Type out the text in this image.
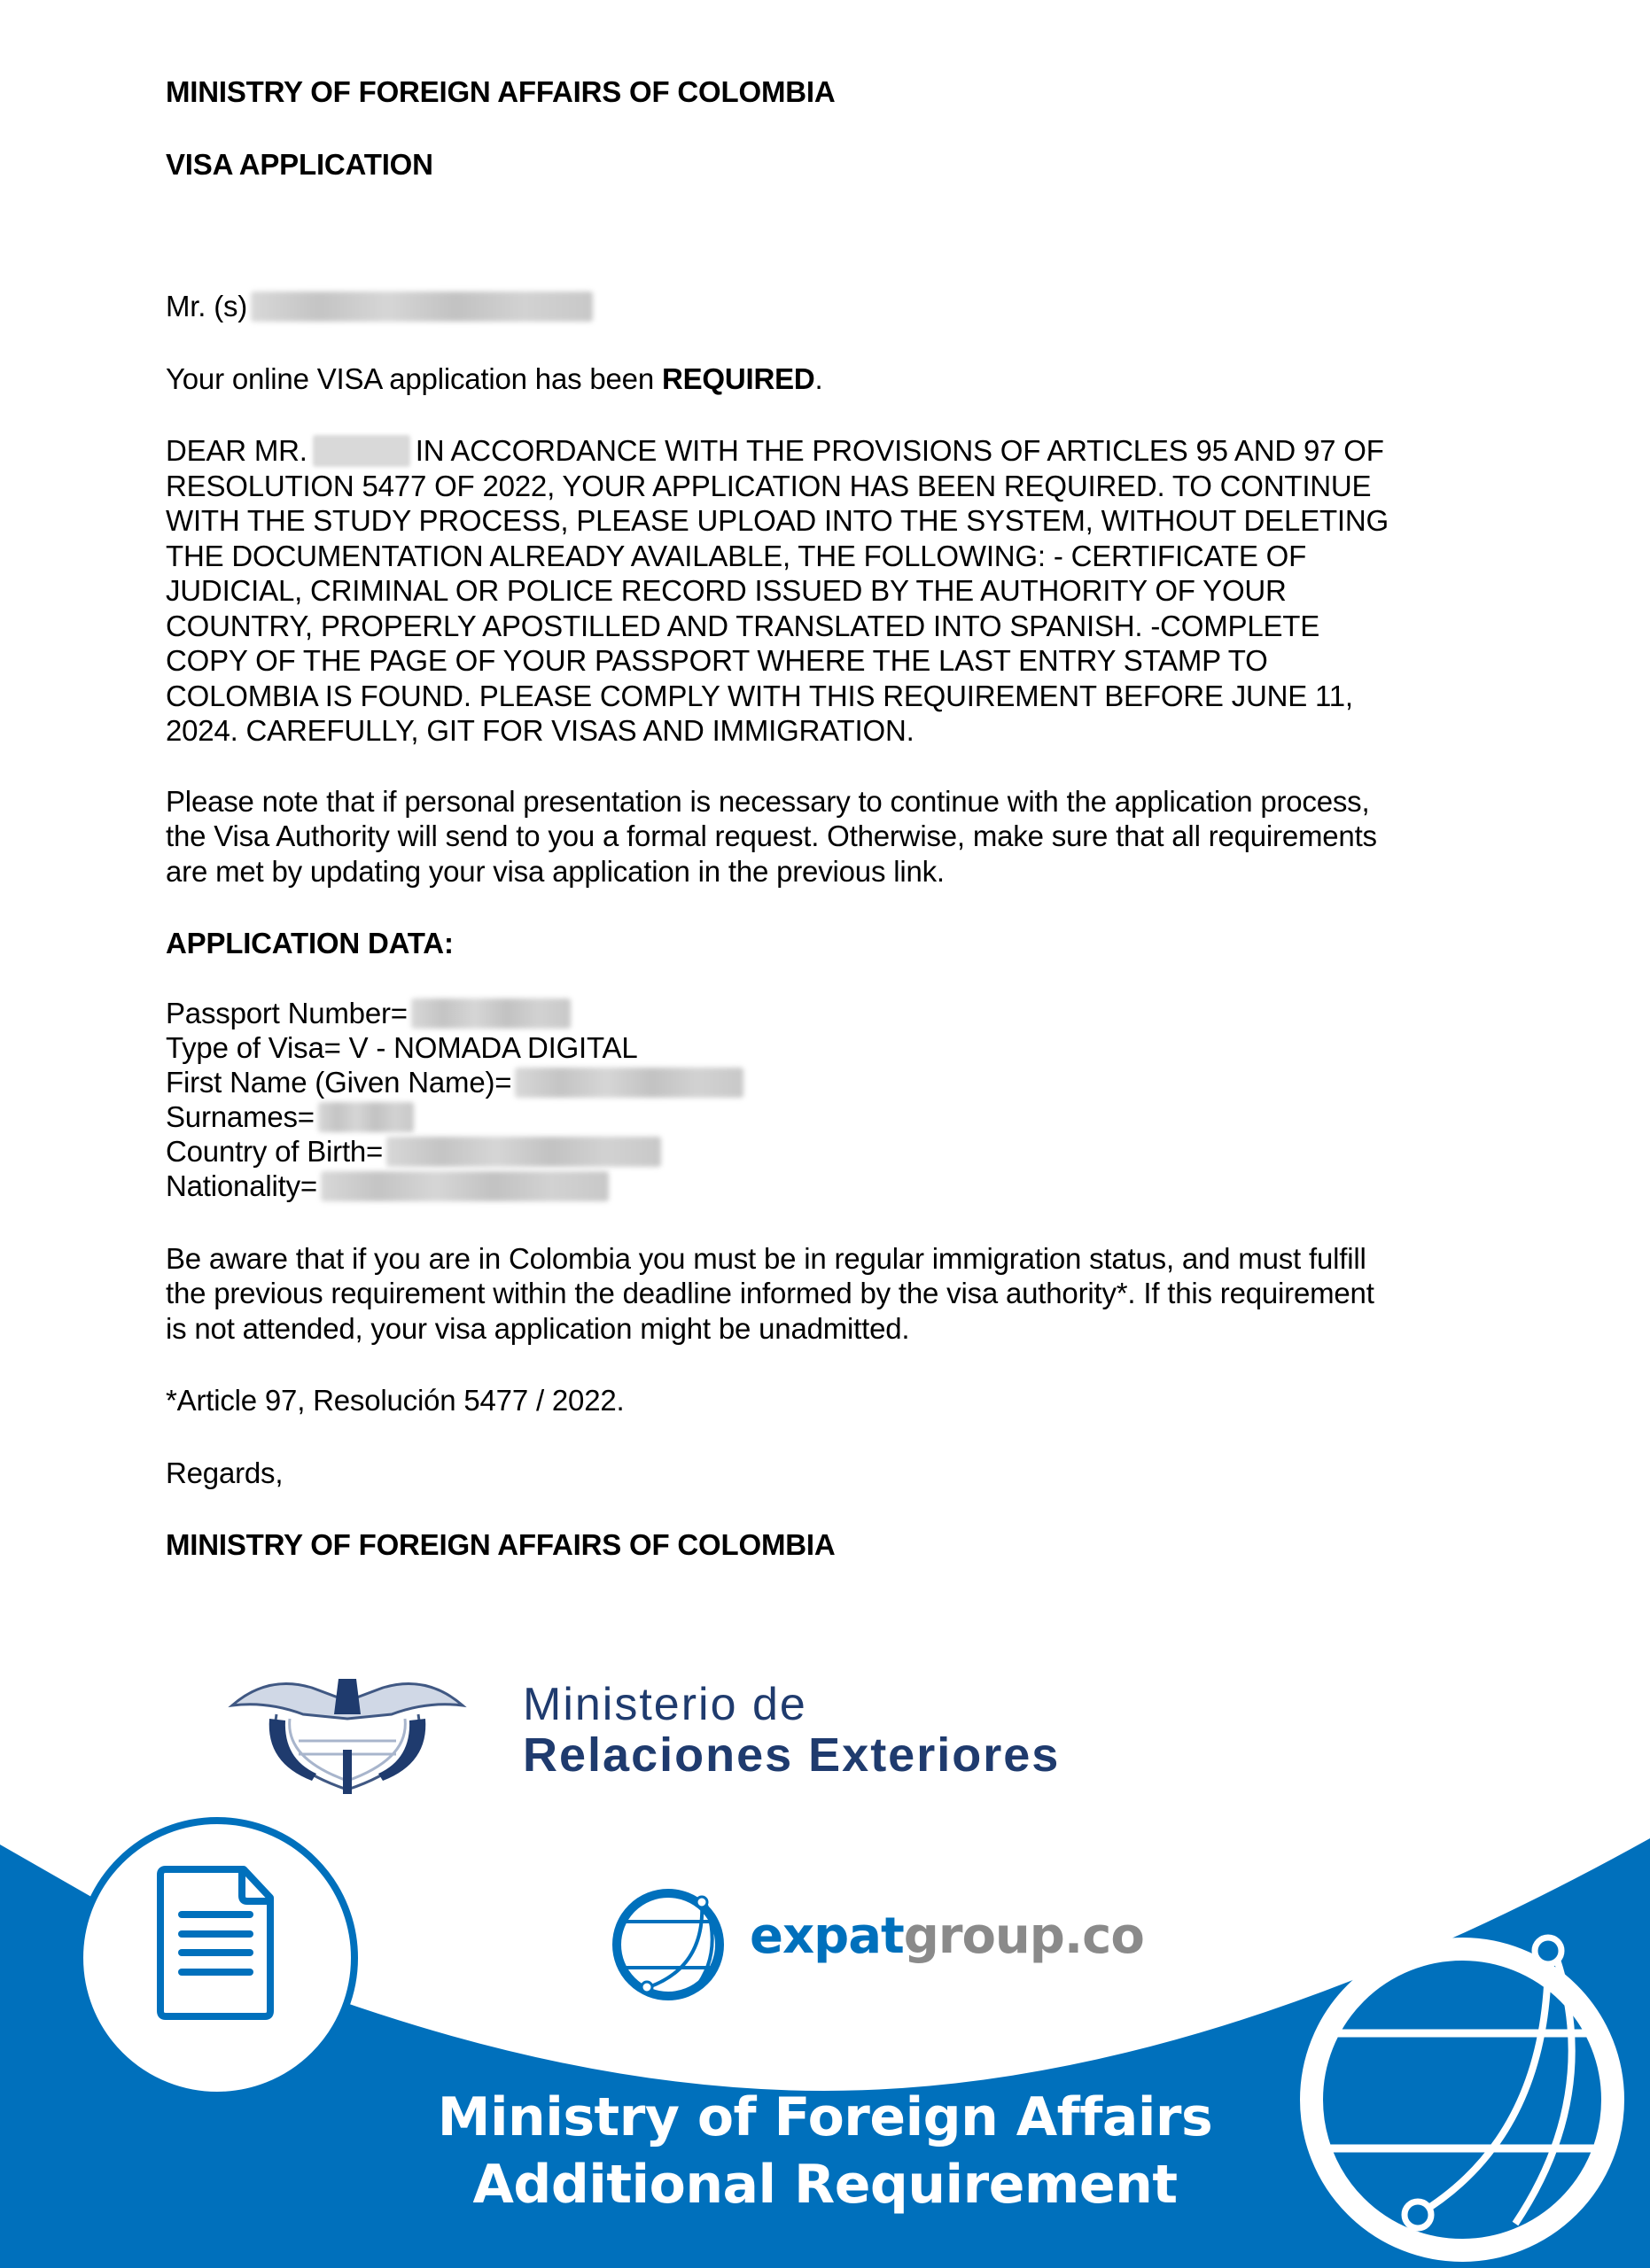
MINISTRY OF FOREIGN AFFAIRS OF COLOMBIA
VISA APPLICATION
Mr. (s)
Your online VISA application has been REQUIRED.
DEAR MR.	IN ACCORDANCE WITH THE PROVISIONS OF ARTICLES 95 AND 97 OF
RESOLUTION 5477 OF 2022, YOUR APPLICATION HAS BEEN REQUIRED. TO CONTINUE
WITH THE STUDY PROCESS, PLEASE UPLOAD INTO THE SYSTEM, WITHOUT DELETING
THE DOCUMENTATION ALREADY AVAILABLE, THE FOLLOWING: - CERTIFICATE OF
JUDICIAL, CRIMINAL OR POLICE RECORD ISSUED BY THE AUTHORITY OF YOUR
COUNTRY, PROPERLY APOSTILLED AND TRANSLATED INTO SPANISH. -COMPLETE
COPY OF THE PAGE OF YOUR PASSPORT WHERE THE LAST ENTRY STAMP TO
COLOMBIA IS FOUND. PLEASE COMPLY WITH THIS REQUIREMENT BEFORE JUNE 11,
2024. CAREFULLY, GIT FOR VISAS AND IMMIGRATION.
Please note that if personal presentation is necessary to continue with the application process,
the Visa Authority will send to you a formal request. Otherwise, make sure that all requirements
are met by updating your visa application in the previous link.
APPLICATION DATA:
Passport Number=
Type of Visa= V - NOMADA DIGITAL
First Name (Given Name)=
Surnames=
Country of Birth=
Nationality=
Be aware that if you are in Colombia you must be in regular immigration status, and must fulfill
the previous requirement within the deadline informed by the visa authority*. If this requirement
is not attended, your visa application might be unadmitted.
*Article 97, Resolución 5477 / 2022.
Regards,
MINISTRY OF FOREIGN AFFAIRS OF COLOMBIA
Ministerio de
Relaciones Exteriores
expatgroup.co
Ministry of Foreign Affairs
Additional Requirement
